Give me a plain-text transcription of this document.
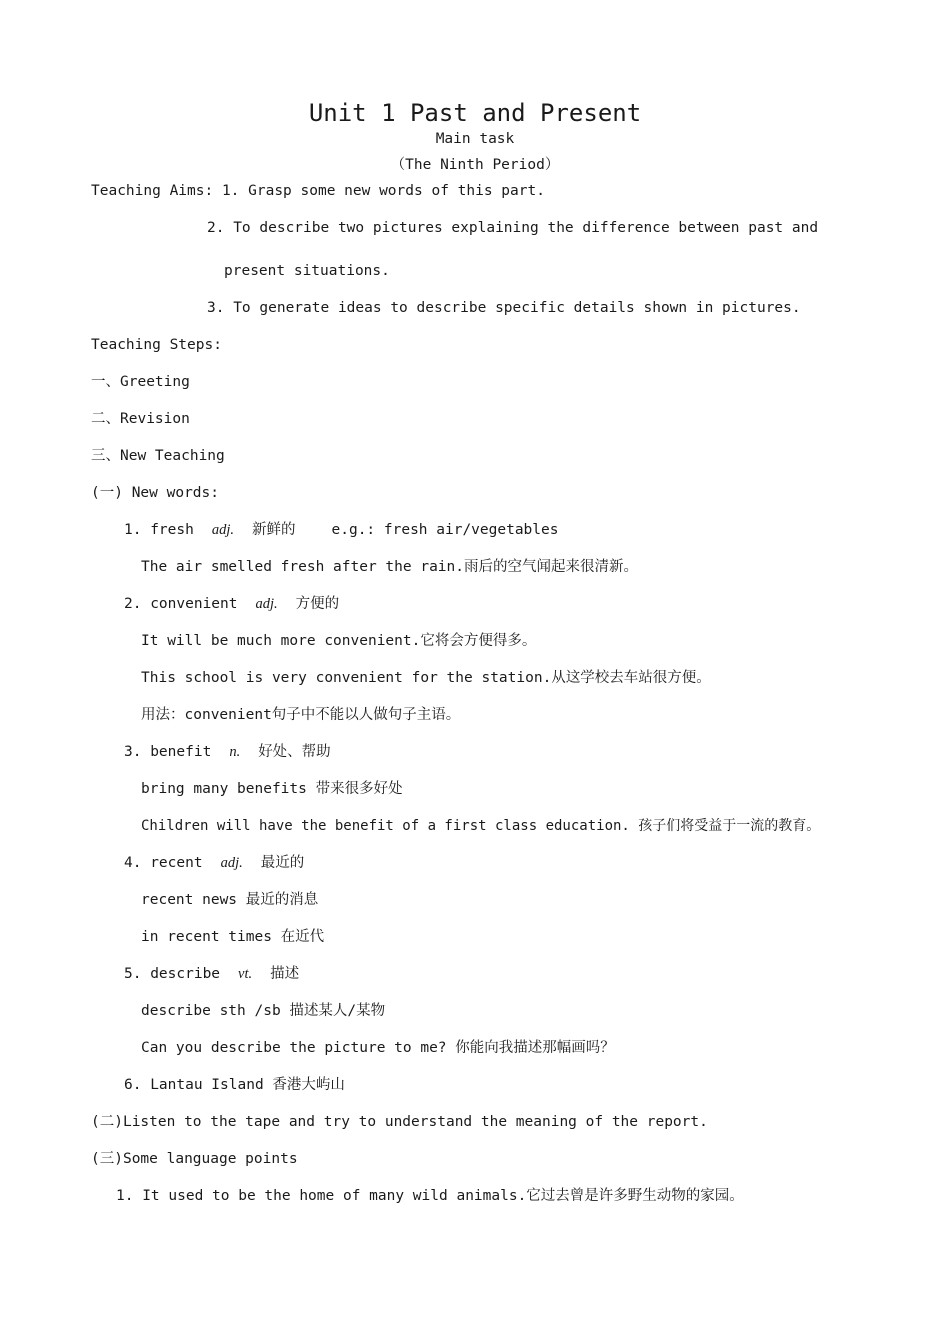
Unit 1 Past and Present
Main task
（The Ninth Period）
Teaching Aims: 1. Grasp some new words of this part.
2. To describe two pictures explaining the difference between past and
present situations.
3. To generate ideas to describe specific details shown in pictures.
Teaching Steps:
一、Greeting
二、Revision
三、New Teaching
(一) New words:
1. fresh adj. 新鲜的 e.g.: fresh air/vegetables
The air smelled fresh after the rain.雨后的空气闻起来很清新。
2. convenient adj. 方便的
It will be much more convenient.它将会方便得多。
This school is very convenient for the station.从这学校去车站很方便。
用法：convenient句子中不能以人做句子主语。
3. benefit n. 好处、帮助
bring many benefits 带来很多好处
Children will have the benefit of a first class education. 孩子们将受益于一流的教育。
4. recent adj. 最近的
recent news 最近的消息
in recent times 在近代
5. describe vt. 描述
describe sth /sb 描述某人/某物
Can you describe the picture to me? 你能向我描述那幅画吗？
6. Lantau Island 香港大屿山
(二)Listen to the tape and try to understand the meaning of the report.
(三)Some language points
1. It used to be the home of many wild animals.它过去曾是许多野生动物的家园。
